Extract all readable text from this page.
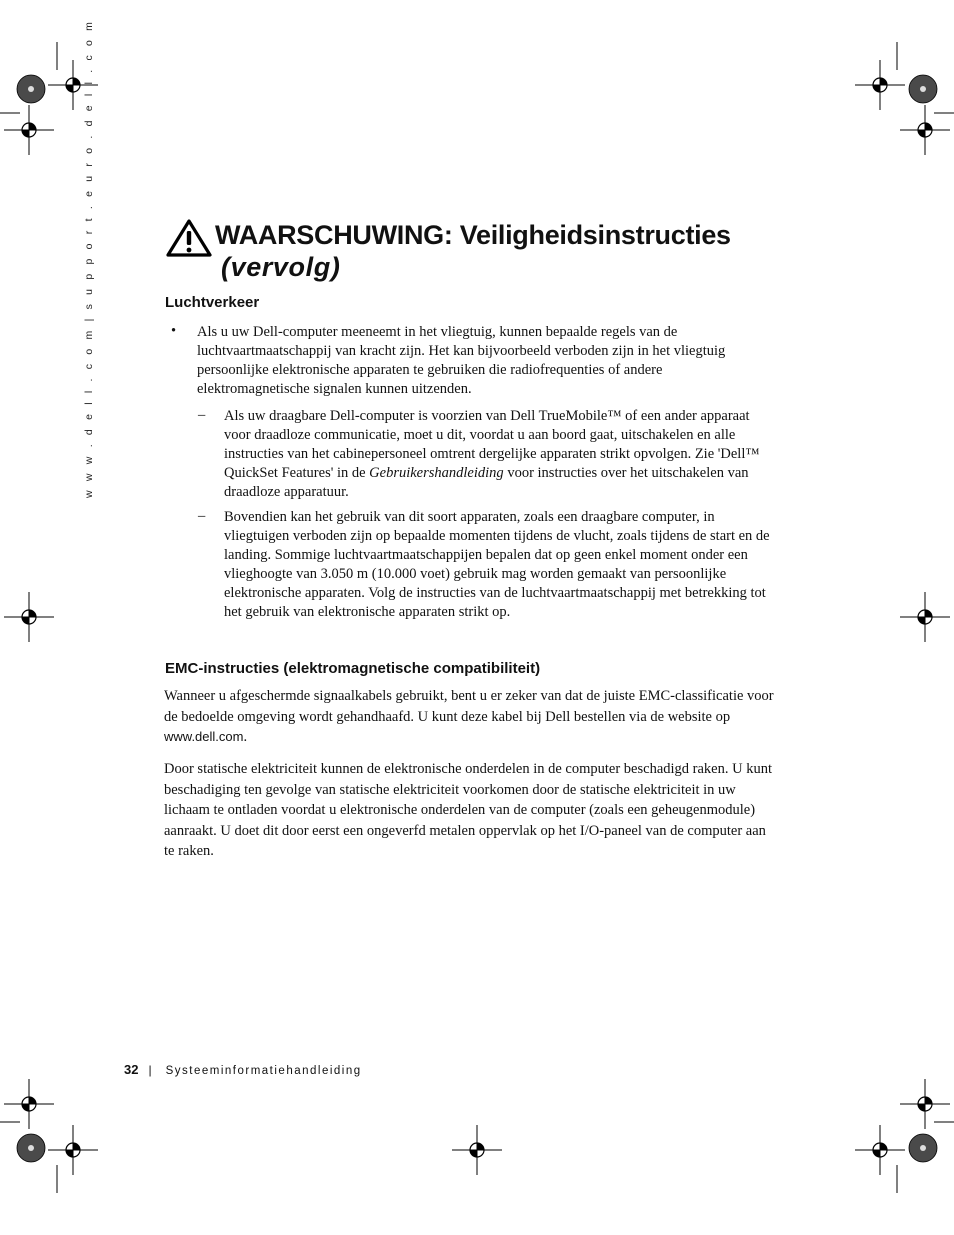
w w w . d e l l . c o m | s u p p o r t . e u r o . d e l l . c o m	WAARSCHUWING: Veiligheidsinstructies
(vervolg)
Luchtverkeer
•	Als u uw Dell-computer meeneemt in het vliegtuig, kunnen bepaalde regels van de luchtvaartmaatschappij van kracht zijn. Het kan bijvoorbeeld verboden zijn in het vliegtuig persoonlijke elektronische apparaten te gebruiken die radiofrequenties of andere elektromagnetische signalen kunnen uitzenden.

–	Als uw draagbare Dell-computer is voorzien van Dell TrueMobile™ of een ander apparaat voor draadloze communicatie, moet u dit, voordat u aan boord gaat, uitschakelen en alle instructies van het cabinepersoneel omtrent dergelijke apparaten strikt opvolgen. Zie 'Dell™ QuickSet Features' in de Gebruikershandleiding voor instructies over het uitschakelen van draadloze apparatuur.

–	Bovendien kan het gebruik van dit soort apparaten, zoals een draagbare computer, in vliegtuigen verboden zijn op bepaalde momenten tijdens de vlucht, zoals tijdens de start en de landing. Sommige luchtvaartmaatschappijen bepalen dat op geen enkel moment onder een vlieghoogte van 3.050 m (10.000 voet) gebruik mag worden gemaakt van persoonlijke elektronische apparaten. Volg de instructies van de luchtvaartmaatschappij met betrekking tot het gebruik van elektronische apparaten strikt op.

EMC-instructies (elektromagnetische compatibiliteit)

Wanneer u afgeschermde signaalkabels gebruikt, bent u er zeker van dat de juiste EMC-classificatie voor de bedoelde omgeving wordt gehandhaafd. U kunt deze kabel bij Dell bestellen via de website op www.dell.com.

Door statische elektriciteit kunnen de elektronische onderdelen in de computer beschadigd raken. U kunt beschadiging ten gevolge van statische elektriciteit voorkomen door de statische elektriciteit in uw lichaam te ontladen voordat u elektronische onderdelen van de computer (zoals een geheugenmodule) aanraakt. U doet dit door eerst een ongeverfd metalen oppervlak op het I/O-paneel van de computer aan te raken.

32 | Systeeminformatiehandleiding
